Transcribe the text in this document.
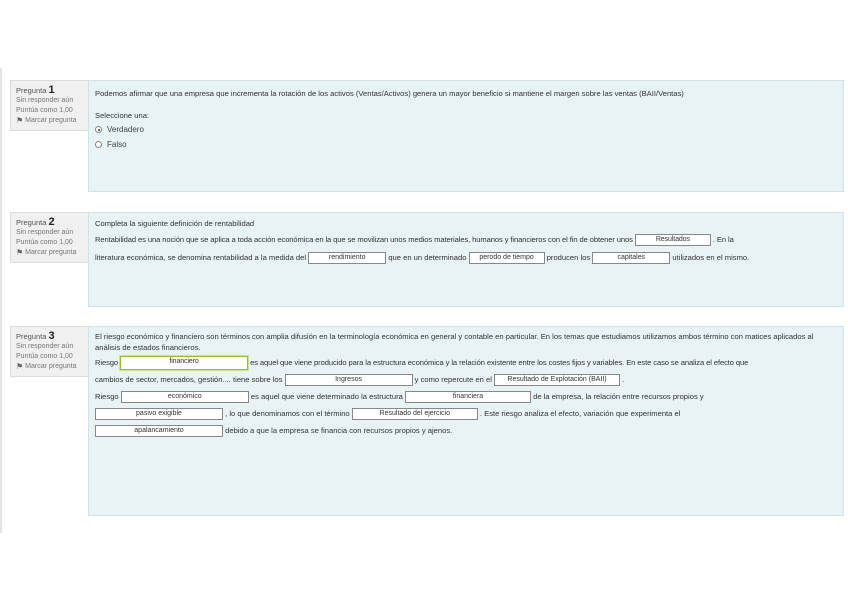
Pregunta 1
Sin responder aún
Puntúa como 1,00
⚑ Marcar pregunta
Podemos afirmar que una empresa que incrementa la rotación de los activos (Ventas/Activos) genera un mayor beneficio si mantiene el margen sobre las ventas (BAII/Ventas)
Seleccione una:
Verdadero
Falso
Pregunta 2
Sin responder aún
Puntúa como 1,00
⚑ Marcar pregunta
Completa la siguiente definición de rentabilidad
Rentabilidad es una noción que se aplica a toda acción económica en la que se movilizan unos medios materiales, humanos y financieros con el fin de obtener unos	Resultados	. En la
literatura económica, se denomina rentabilidad a la medida del	rendimiento	que en un determinado perodo de tiempo producen los	capitales	utilizados en el mismo.
Pregunta 3
Sin responder aún
Puntúa como 1,00
⚑ Marcar pregunta
El riesgo económico y financiero son términos con amplia difusión en la terminología económica en general y contable en particular. En los temas que estudiamos utilizamos ambos término con matices aplicados al análisis de estados financieros.
Riesgo	financiero	es aquel que viene producido para la estructura económica y la relación existente entre los costes fijos y variables. En este caso se analiza el efecto que
cambios de sector, mercados, gestión.... tiene sobre los	Ingresos	y como repercute en el Resultado de Explotación (BAII) .
Riesgo	económico	es aquel que viene determinado la estructura	financiera	de la empresa, la relación entre recursos propios y
pasivo exigible	, lo que denominamos con el término	Resultado del ejercicio	. Este riesgo analiza el efecto, variación que experimenta el
apalancamiento	debido a que la empresa se financia con recursos propios y ajenos.
